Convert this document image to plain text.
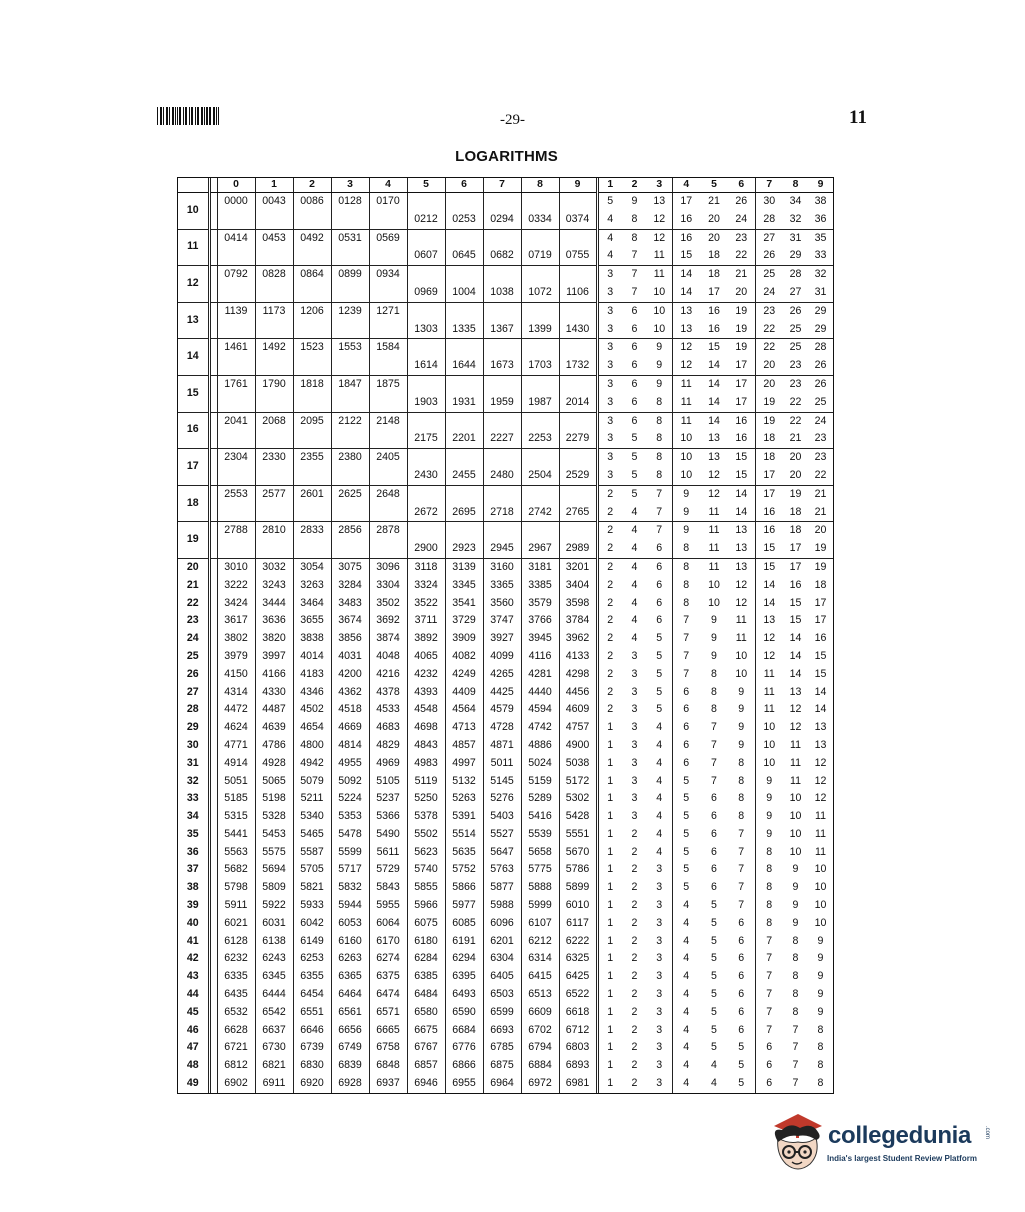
-29-	11
LOGARITHMS
		0	1	2	3	4	5	6	7	8	9	1	2	3	4	5	6	7	8	9
10		0000	0043	0086	0128	0170						5	9	13	17	21	26	30	34	38
							0212	0253	0294	0334	0374	4	8	12	16	20	24	28	32	36
11		0414	0453	0492	0531	0569						4	8	12	16	20	23	27	31	35
							0607	0645	0682	0719	0755	4	7	11	15	18	22	26	29	33
12		0792	0828	0864	0899	0934						3	7	11	14	18	21	25	28	32
							0969	1004	1038	1072	1106	3	7	10	14	17	20	24	27	31
13		1139	1173	1206	1239	1271						3	6	10	13	16	19	23	26	29
							1303	1335	1367	1399	1430	3	6	10	13	16	19	22	25	29
14		1461	1492	1523	1553	1584						3	6	9	12	15	19	22	25	28
							1614	1644	1673	1703	1732	3	6	9	12	14	17	20	23	26
15		1761	1790	1818	1847	1875						3	6	9	11	14	17	20	23	26
							1903	1931	1959	1987	2014	3	6	8	11	14	17	19	22	25
16		2041	2068	2095	2122	2148						3	6	8	11	14	16	19	22	24
							2175	2201	2227	2253	2279	3	5	8	10	13	16	18	21	23
17		2304	2330	2355	2380	2405						3	5	8	10	13	15	18	20	23
							2430	2455	2480	2504	2529	3	5	8	10	12	15	17	20	22
18		2553	2577	2601	2625	2648						2	5	7	9	12	14	17	19	21
							2672	2695	2718	2742	2765	2	4	7	9	11	14	16	18	21
19		2788	2810	2833	2856	2878						2	4	7	9	11	13	16	18	20
							2900	2923	2945	2967	2989	2	4	6	8	11	13	15	17	19
20		3010	3032	3054	3075	3096	3118	3139	3160	3181	3201	2	4	6	8	11	13	15	17	19
21		3222	3243	3263	3284	3304	3324	3345	3365	3385	3404	2	4	6	8	10	12	14	16	18
22		3424	3444	3464	3483	3502	3522	3541	3560	3579	3598	2	4	6	8	10	12	14	15	17
23		3617	3636	3655	3674	3692	3711	3729	3747	3766	3784	2	4	6	7	9	11	13	15	17
24		3802	3820	3838	3856	3874	3892	3909	3927	3945	3962	2	4	5	7	9	11	12	14	16
25		3979	3997	4014	4031	4048	4065	4082	4099	4116	4133	2	3	5	7	9	10	12	14	15
26		4150	4166	4183	4200	4216	4232	4249	4265	4281	4298	2	3	5	7	8	10	11	14	15
27		4314	4330	4346	4362	4378	4393	4409	4425	4440	4456	2	3	5	6	8	9	11	13	14
28		4472	4487	4502	4518	4533	4548	4564	4579	4594	4609	2	3	5	6	8	9	11	12	14
29		4624	4639	4654	4669	4683	4698	4713	4728	4742	4757	1	3	4	6	7	9	10	12	13
30		4771	4786	4800	4814	4829	4843	4857	4871	4886	4900	1	3	4	6	7	9	10	11	13
31		4914	4928	4942	4955	4969	4983	4997	5011	5024	5038	1	3	4	6	7	8	10	11	12
32		5051	5065	5079	5092	5105	5119	5132	5145	5159	5172	1	3	4	5	7	8	9	11	12
33		5185	5198	5211	5224	5237	5250	5263	5276	5289	5302	1	3	4	5	6	8	9	10	12
34		5315	5328	5340	5353	5366	5378	5391	5403	5416	5428	1	3	4	5	6	8	9	10	11
35		5441	5453	5465	5478	5490	5502	5514	5527	5539	5551	1	2	4	5	6	7	9	10	11
36		5563	5575	5587	5599	5611	5623	5635	5647	5658	5670	1	2	4	5	6	7	8	10	11
37		5682	5694	5705	5717	5729	5740	5752	5763	5775	5786	1	2	3	5	6	7	8	9	10
38		5798	5809	5821	5832	5843	5855	5866	5877	5888	5899	1	2	3	5	6	7	8	9	10
39		5911	5922	5933	5944	5955	5966	5977	5988	5999	6010	1	2	3	4	5	7	8	9	10
40		6021	6031	6042	6053	6064	6075	6085	6096	6107	6117	1	2	3	4	5	6	8	9	10
41		6128	6138	6149	6160	6170	6180	6191	6201	6212	6222	1	2	3	4	5	6	7	8	9
42		6232	6243	6253	6263	6274	6284	6294	6304	6314	6325	1	2	3	4	5	6	7	8	9
43		6335	6345	6355	6365	6375	6385	6395	6405	6415	6425	1	2	3	4	5	6	7	8	9
44		6435	6444	6454	6464	6474	6484	6493	6503	6513	6522	1	2	3	4	5	6	7	8	9
45		6532	6542	6551	6561	6571	6580	6590	6599	6609	6618	1	2	3	4	5	6	7	8	9
46		6628	6637	6646	6656	6665	6675	6684	6693	6702	6712	1	2	3	4	5	6	7	7	8
47		6721	6730	6739	6749	6758	6767	6776	6785	6794	6803	1	2	3	4	5	5	6	7	8
48		6812	6821	6830	6839	6848	6857	6866	6875	6884	6893	1	2	3	4	4	5	6	7	8
49		6902	6911	6920	6928	6937	6946	6955	6964	6972	6981	1	2	3	4	4	5	6	7	8
collegedunia .com
India's largest Student Review Platform
